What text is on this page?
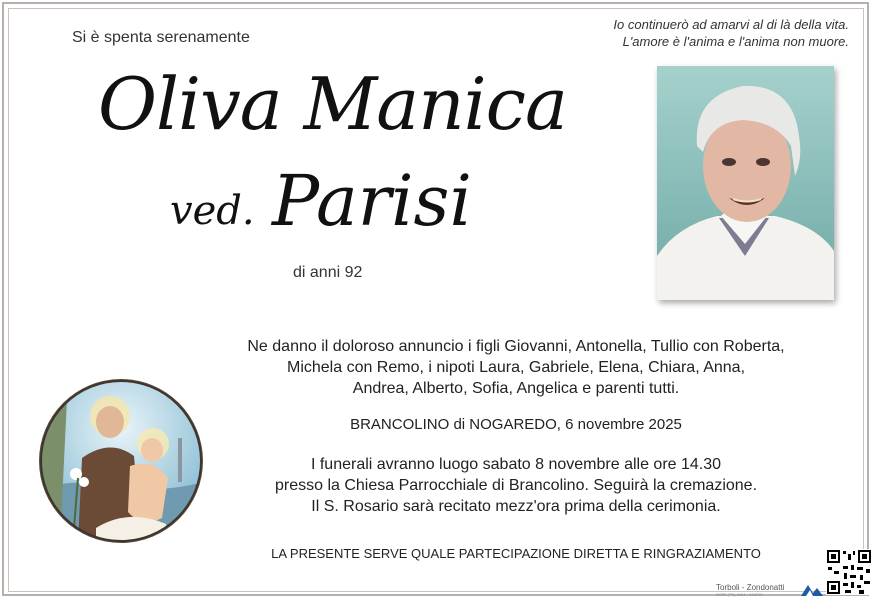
Si è spenta serenamente
Io continuerò ad amarvi al di là della vita.
L'amore è l'anima e l'anima non muore.
Oliva Manica
ved. Parisi
di anni 92
Ne danno il doloroso annuncio i figli Giovanni, Antonella, Tullio con Roberta,
Michela con Remo, i nipoti Laura, Gabriele, Elena, Chiara, Anna,
Andrea, Alberto, Sofia, Angelica e parenti tutti.
BRANCOLINO di NOGAREDO, 6 novembre 2025
I funerali avranno luogo sabato 8 novembre alle ore 14.30
presso la Chiesa Parrocchiale di Brancolino. Seguirà la cremazione.
Il S. Rosario sarà recitato mezz'ora prima della cerimonia.
LA PRESENTE SERVE QUALE PARTECIPAZIONE DIRETTA E RINGRAZIAMENTO
Torboli - Zondonatti
MORI (TN) 0464 - 918715
